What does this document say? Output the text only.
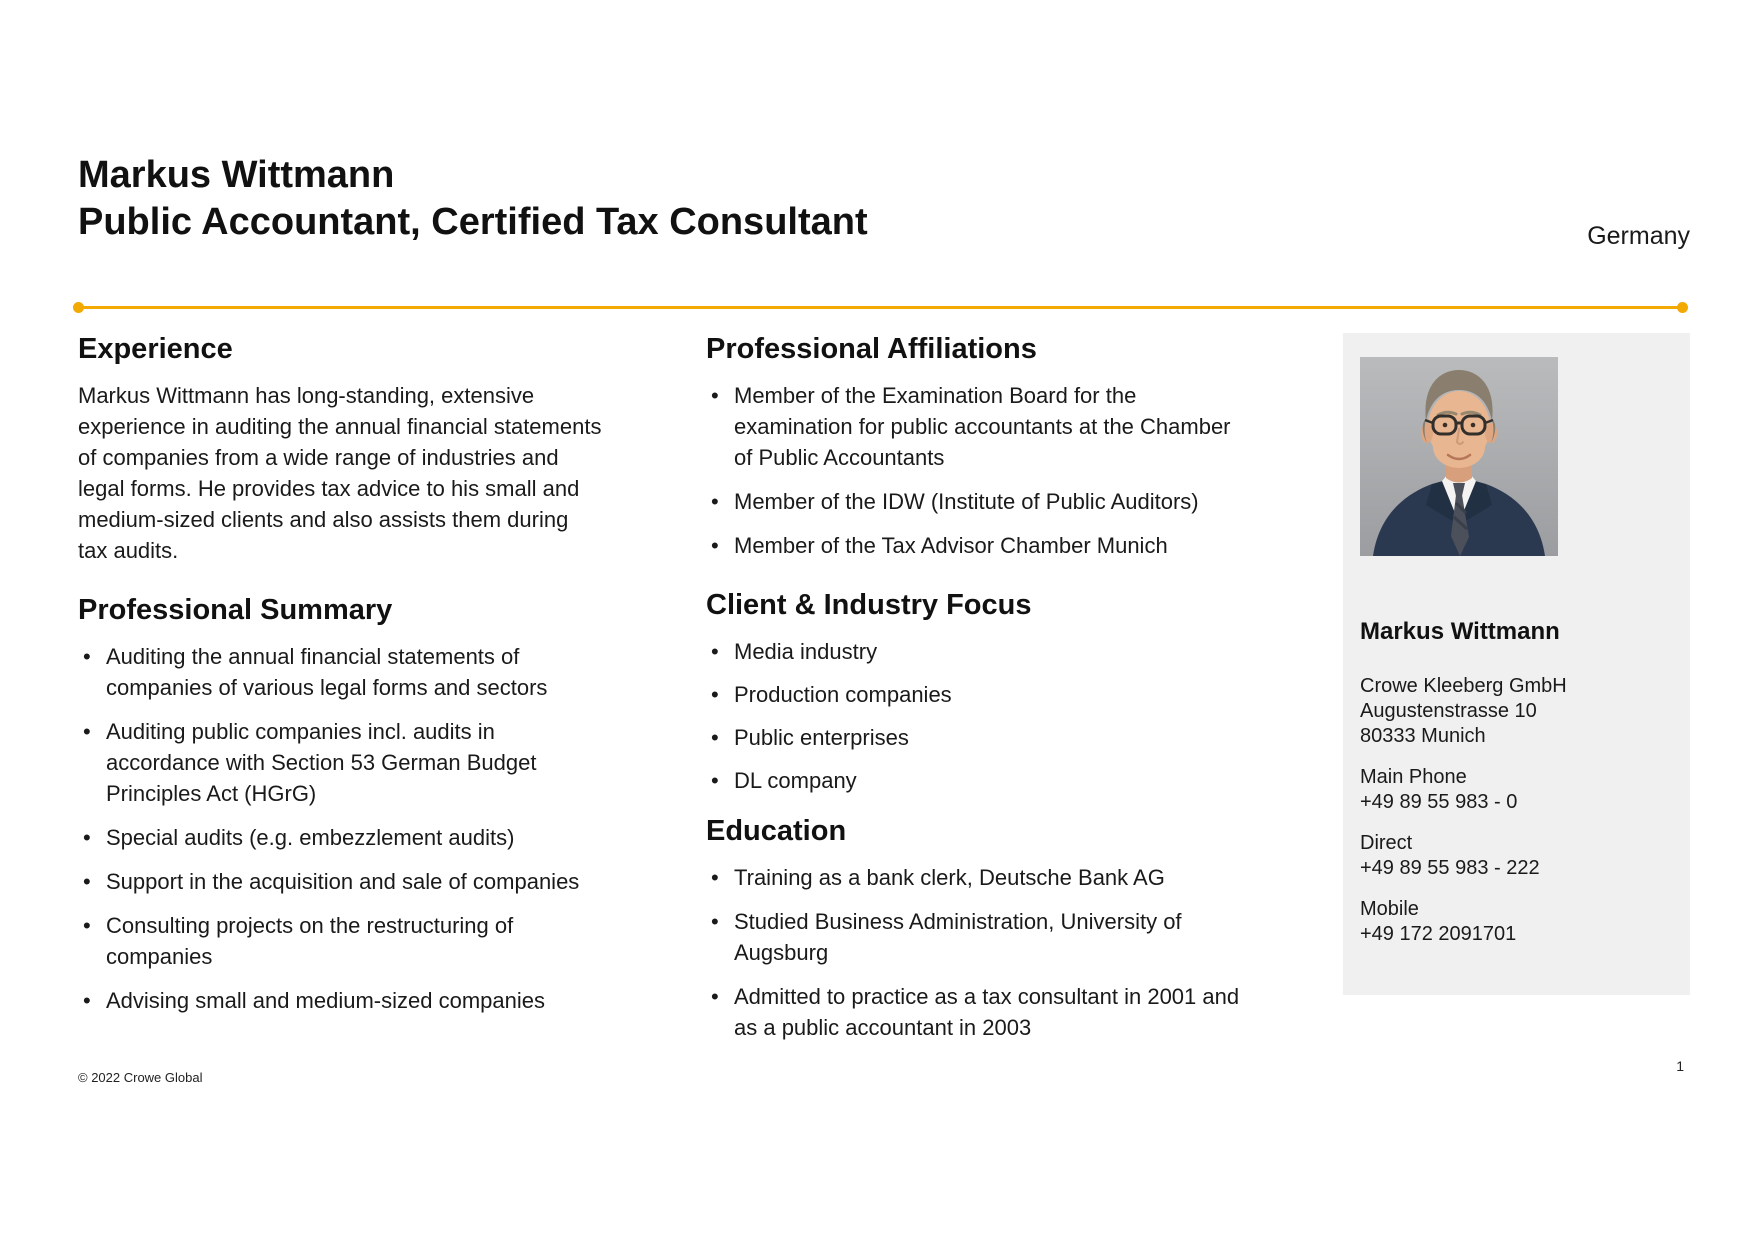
Markus Wittmann
Public Accountant, Certified Tax Consultant	Germany
Experience

Markus Wittmann has long-standing, extensive experience in auditing the annual financial statements of companies from a wide range of industries and legal forms. He provides tax advice to his small and medium-sized clients and also assists them during tax audits.

Professional Summary
• Auditing the annual financial statements of companies of various legal forms and sectors
• Auditing public companies incl. audits in accordance with Section 53 German Budget Principles Act (HGrG)
• Special audits (e.g. embezzlement audits)
• Support in the acquisition and sale of companies
• Consulting projects on the restructuring of companies
• Advising small and medium-sized companies
Professional Affiliations
• Member of the Examination Board for the examination for public accountants at the Chamber of Public Accountants
• Member of the IDW (Institute of Public Auditors)
• Member of the Tax Advisor Chamber Munich
Client & Industry Focus
• Media industry
• Production companies
• Public enterprises
• DL company
Education
• Training as a bank clerk, Deutsche Bank AG
• Studied Business Administration, University of Augsburg
• Admitted to practice as a tax consultant in 2001 and as a public accountant in 2003
Markus Wittmann
Crowe Kleeberg GmbH
Augustenstrasse 10
80333 Munich
Main Phone
+49 89 55 983 - 0
Direct
+49 89 55 983 - 222
Mobile
+49 172 2091701
© 2022 Crowe Global
1
